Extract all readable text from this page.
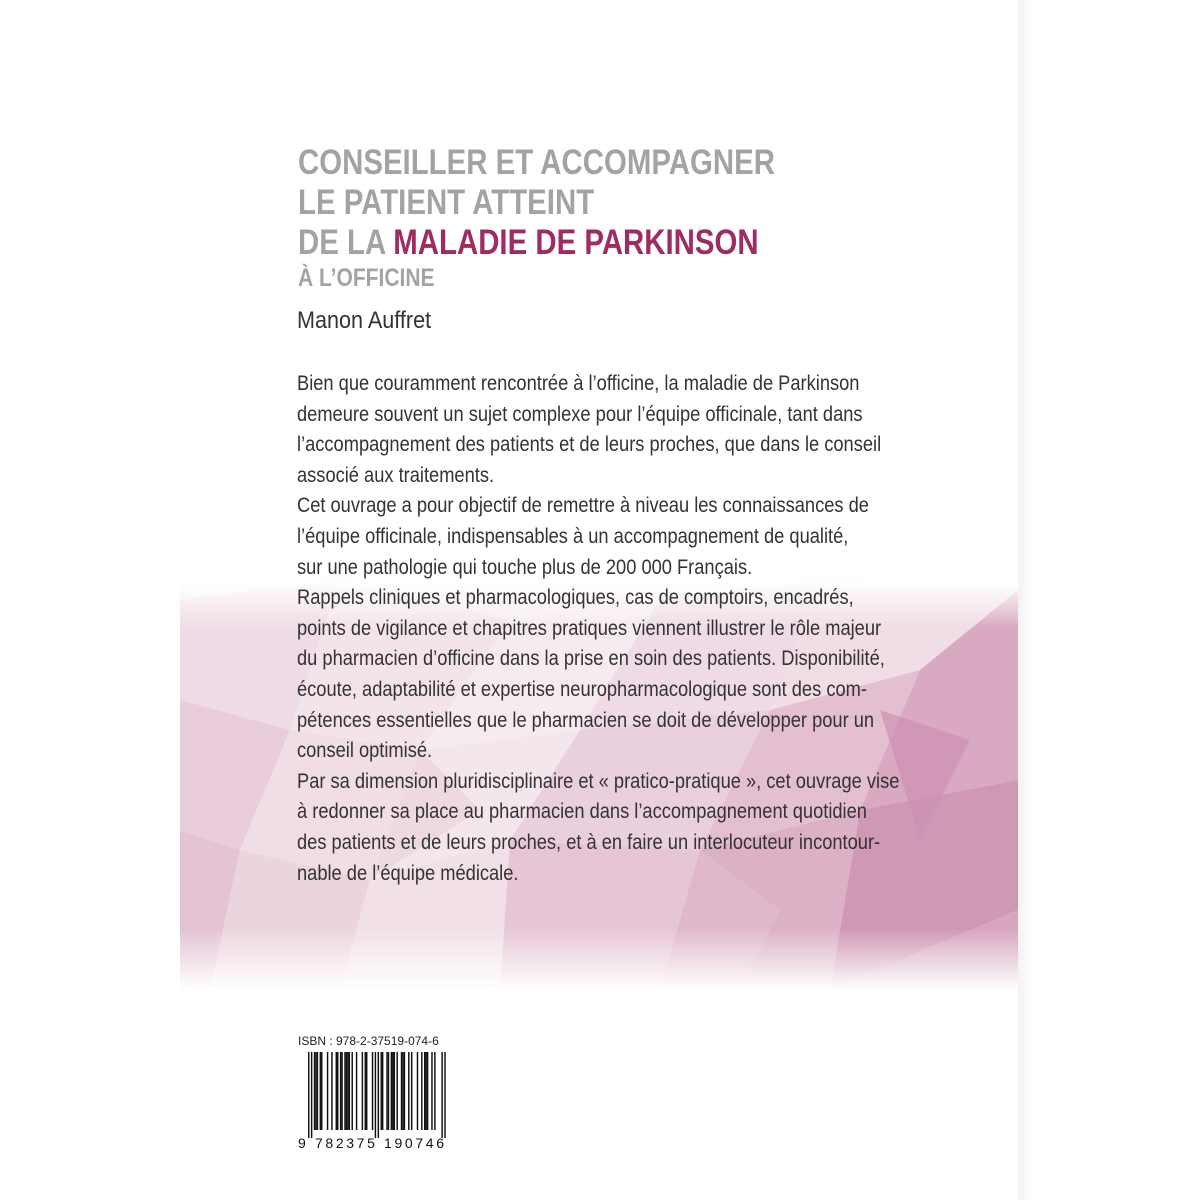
CONSEILLER ET ACCOMPAGNER
LE PATIENT ATTEINT
DE LA MALADIE DE PARKINSON
À L’OFFICINE
Manon Auffret

Bien que couramment rencontrée à l’officine, la maladie de Parkinson

demeure souvent un sujet complexe pour l’équipe officinale, tant dans

l’accompagnement des patients et de leurs proches, que dans le conseil

associé aux traitements.

Cet ouvrage a pour objectif de remettre à niveau les connaissances de

l’équipe officinale, indispensables à un accompagnement de qualité,

sur une pathologie qui touche plus de 200 000 Français.

Rappels cliniques et pharmacologiques, cas de comptoirs, encadrés,

points de vigilance et chapitres pratiques viennent illustrer le rôle majeur

du pharmacien d’officine dans la prise en soin des patients. Disponibilité,

écoute, adaptabilité et expertise neuropharmacologique sont des com-

pétences essentielles que le pharmacien se doit de développer pour un

conseil optimisé.

Par sa dimension pluridisciplinaire et « pratico-pratique », cet ouvrage vise

à redonner sa place au pharmacien dans l’accompagnement quotidien

des patients et de leurs proches, et à en faire un interlocuteur incontour-

nable de l’équipe médicale.

ISBN : 978-2-37519-074-6
9 782375 190746
